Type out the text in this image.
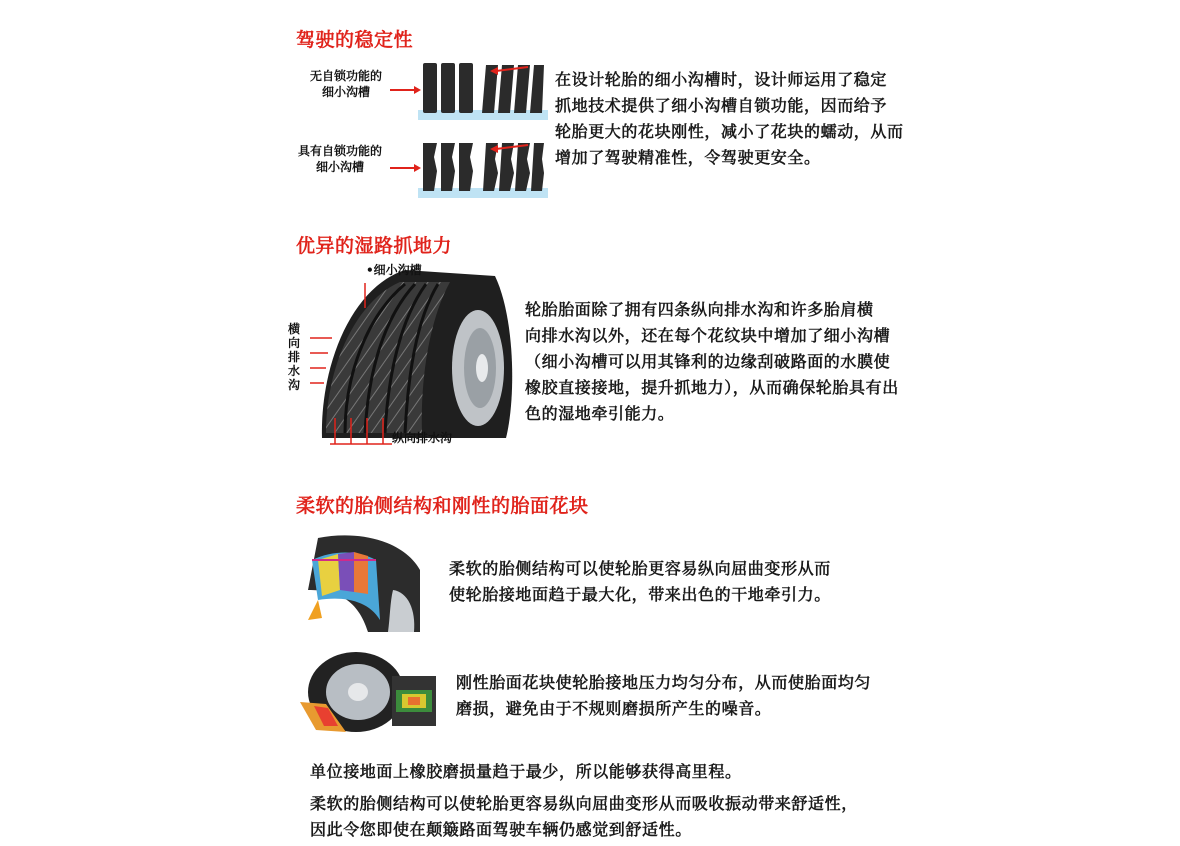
驾驶的稳定性
无自锁功能的
细小沟槽
具有自锁功能的
细小沟槽
在设计轮胎的细小沟槽时，设计师运用了稳定
抓地技术提供了细小沟槽自锁功能，因而给予
轮胎更大的花块刚性，减小了花块的蠕动，从而
增加了驾驶精准性，令驾驶更安全。
优异的湿路抓地力
•细小沟槽
横
向
排
水
沟
纵向排水沟
轮胎胎面除了拥有四条纵向排水沟和许多胎肩横
向排水沟以外，还在每个花纹块中增加了细小沟槽
（细小沟槽可以用其锋利的边缘刮破路面的水膜使
橡胶直接接地，提升抓地力），从而确保轮胎具有出
色的湿地牵引能力。
柔软的胎侧结构和刚性的胎面花块
柔软的胎侧结构可以使轮胎更容易纵向屈曲变形从而
使轮胎接地面趋于最大化，带来出色的干地牵引力。
刚性胎面花块使轮胎接地压力均匀分布，从而使胎面均匀
磨损，避免由于不规则磨损所产生的噪音。
单位接地面上橡胶磨损量趋于最少，所以能够获得高里程。
柔软的胎侧结构可以使轮胎更容易纵向屈曲变形从而吸收振动带来舒适性，
因此令您即使在颠簸路面驾驶车辆仍感觉到舒适性。
